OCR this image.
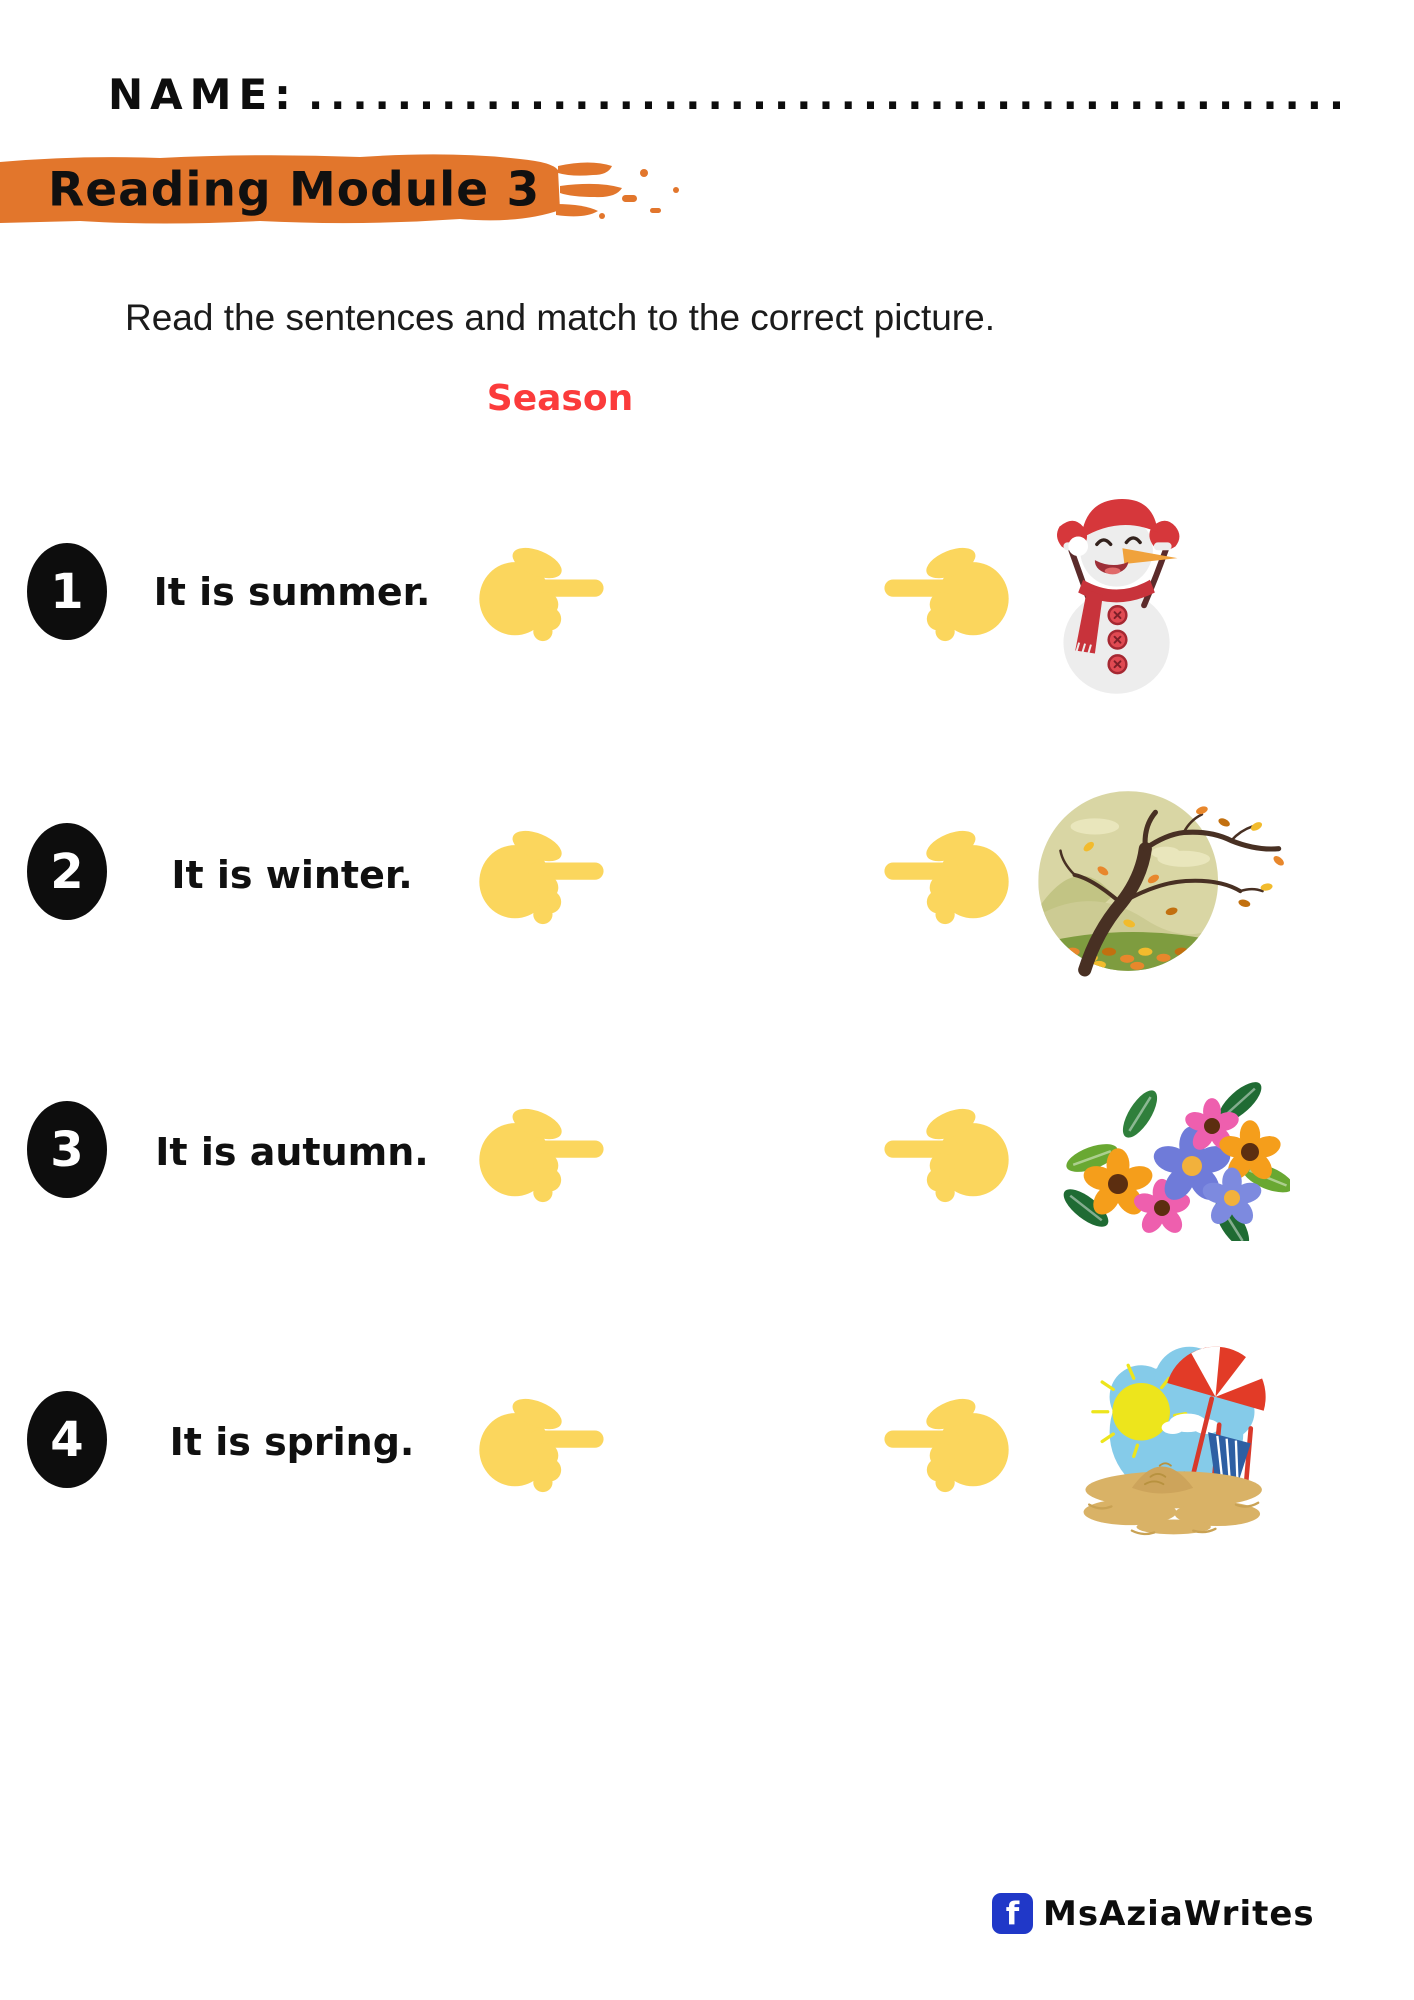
NAME: ...............................................
Reading Module 3
Read the sentences and match to the correct picture.
Season
1	It is summer.
2	It is winter.
3	It is autumn.
4	It is spring.
f MsAziaWrites
